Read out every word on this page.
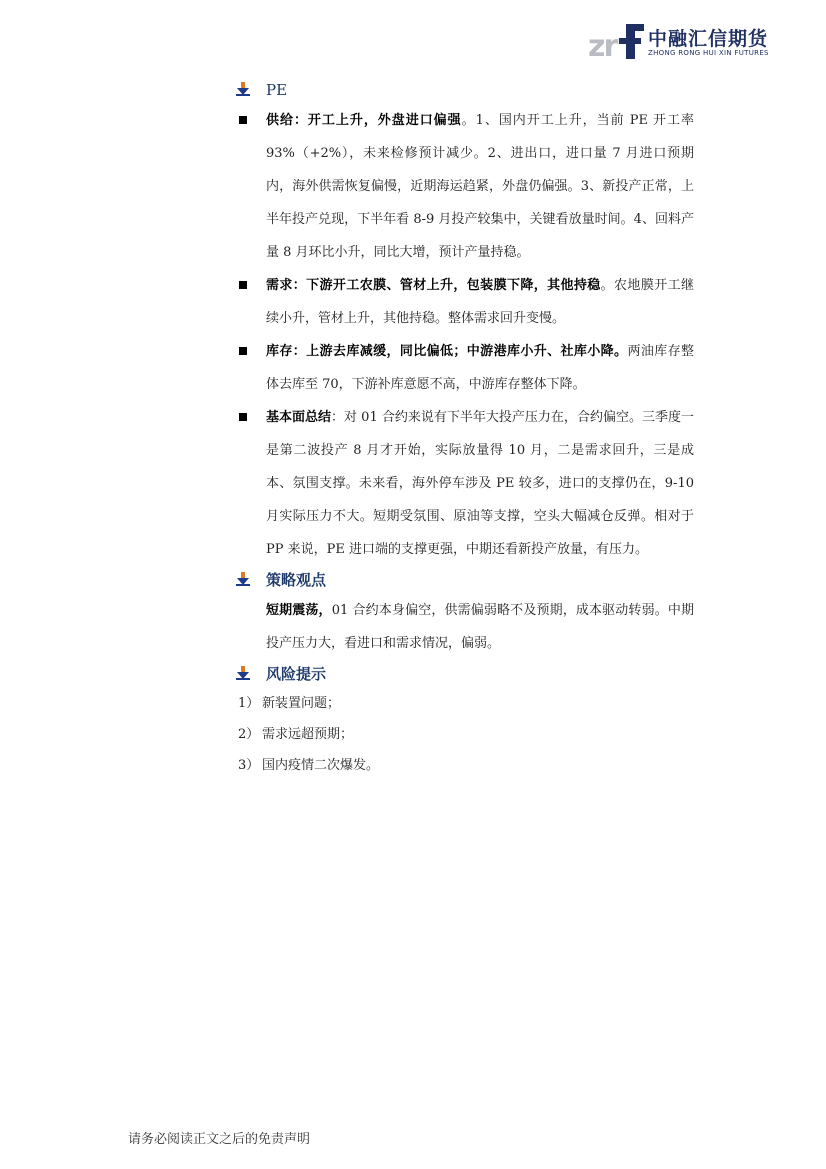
zr 中融汇信期货
ZHONG RONG HUI XIN FUTURES
PE
供给：开工上升，外盘进口偏强。1、国内开工上升，当前 PE 开工率 93%（+2%），未来检修预计减少。2、进出口，进口量 7 月进口预期内，海外供需恢复偏慢，近期海运趋紧，外盘仍偏强。3、新投产正常，上半年投产兑现，下半年看 8-9 月投产较集中，关键看放量时间。4、回料产量 8 月环比小升，同比大增，预计产量持稳。
需求：下游开工农膜、管材上升，包装膜下降，其他持稳。农地膜开工继续小升，管材上升，其他持稳。整体需求回升变慢。
库存：上游去库减缓，同比偏低；中游港库小升、社库小降。两油库存整体去库至 70，下游补库意愿不高，中游库存整体下降。
基本面总结：对 01 合约来说有下半年大投产压力在，合约偏空。三季度一是第二波投产 8 月才开始，实际放量得 10 月，二是需求回升，三是成本、氛围支撑。未来看，海外停车涉及 PE 较多，进口的支撑仍在，9-10 月实际压力不大。短期受氛围、原油等支撑，空头大幅减仓反弹。相对于 PP 来说，PE 进口端的支撑更强，中期还看新投产放量，有压力。
策略观点
短期震荡，01 合约本身偏空，供需偏弱略不及预期，成本驱动转弱。中期投产压力大，看进口和需求情况，偏弱。
风险提示
1） 新装置问题；
2） 需求远超预期；
3） 国内疫情二次爆发。
请务必阅读正文之后的免责声明
